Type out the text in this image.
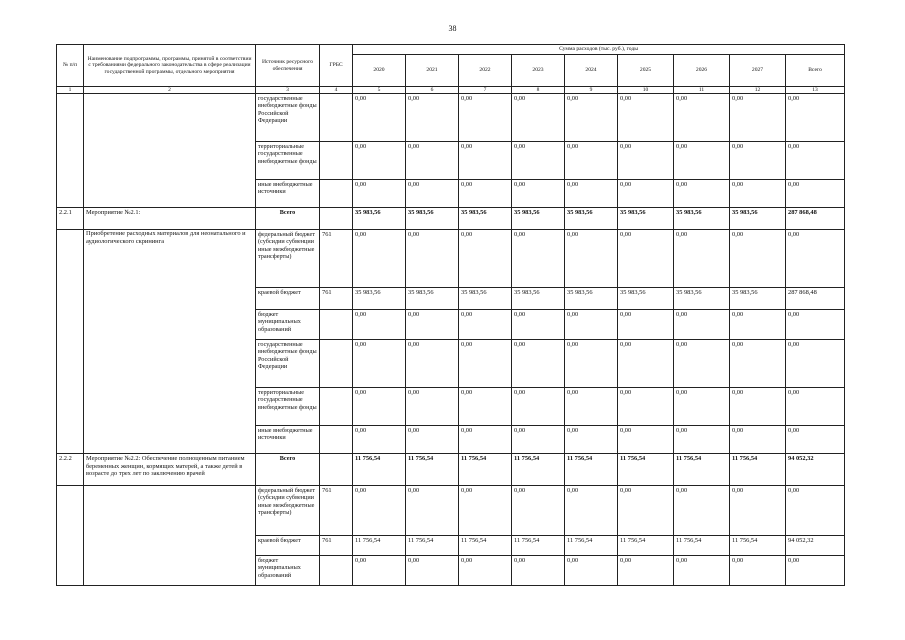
38
№ п/п	Наименование подпрограммы, программы, принятой в соответствии с требованиями федерального законодательства в сфере реализации государственной программы, отдельного мероприятия	Источник ресурсного обеспечения	ГРБС	Сумма расходов (тыс. руб.), годы								
				2020	2021	2022	2023	2024	2025	2026	2027	Всего
1	2	3	4	5	6	7	8	9	10	11	12	13
		государственные внебюджетные фонды Российской Федерации		0,00	0,00	0,00	0,00	0,00	0,00	0,00	0,00	0,00
		территориальные государственные внебюджетные фонды		0,00	0,00	0,00	0,00	0,00	0,00	0,00	0,00	0,00
		иные внебюджетные источники		0,00	0,00	0,00	0,00	0,00	0,00	0,00	0,00	0,00
2.2.1	Мероприятие №2.1:	Всего		35 983,56	35 983,56	35 983,56	35 983,56	35 983,56	35 983,56	35 983,56	35 983,56	287 868,48
	Приобретение расходных материалов для неонатального и аудиологического скрининга	федеральный бюджет (субсидии субвенции иные межбюджетные трансферты)	761	0,00	0,00	0,00	0,00	0,00	0,00	0,00	0,00	0,00
		краевой бюджет	761	35 983,56	35 983,56	35 983,56	35 983,56	35 983,56	35 983,56	35 983,56	35 983,56	287 868,48
		бюджет муниципальных образований		0,00	0,00	0,00	0,00	0,00	0,00	0,00	0,00	0,00
		государственные внебюджетные фонды Российской Федерации		0,00	0,00	0,00	0,00	0,00	0,00	0,00	0,00	0,00
		территориальные государственные внебюджетные фонды		0,00	0,00	0,00	0,00	0,00	0,00	0,00	0,00	0,00
		иные внебюджетные источники		0,00	0,00	0,00	0,00	0,00	0,00	0,00	0,00	0,00
2.2.2	Мероприятие №2.2: Обеспечение полноценным питанием беременных женщин, кормящих матерей, а также детей в возрасте до трех лет по заключению врачей	Всего		11 756,54	11 756,54	11 756,54	11 756,54	11 756,54	11 756,54	11 756,54	11 756,54	94 052,32
		федеральный бюджет (субсидии субвенции иные межбюджетные трансферты)	761	0,00	0,00	0,00	0,00	0,00	0,00	0,00	0,00	0,00
		краевой бюджет	761	11 756,54	11 756,54	11 756,54	11 756,54	11 756,54	11 756,54	11 756,54	11 756,54	94 052,32
		бюджет муниципальных образований		0,00	0,00	0,00	0,00	0,00	0,00	0,00	0,00	0,00
